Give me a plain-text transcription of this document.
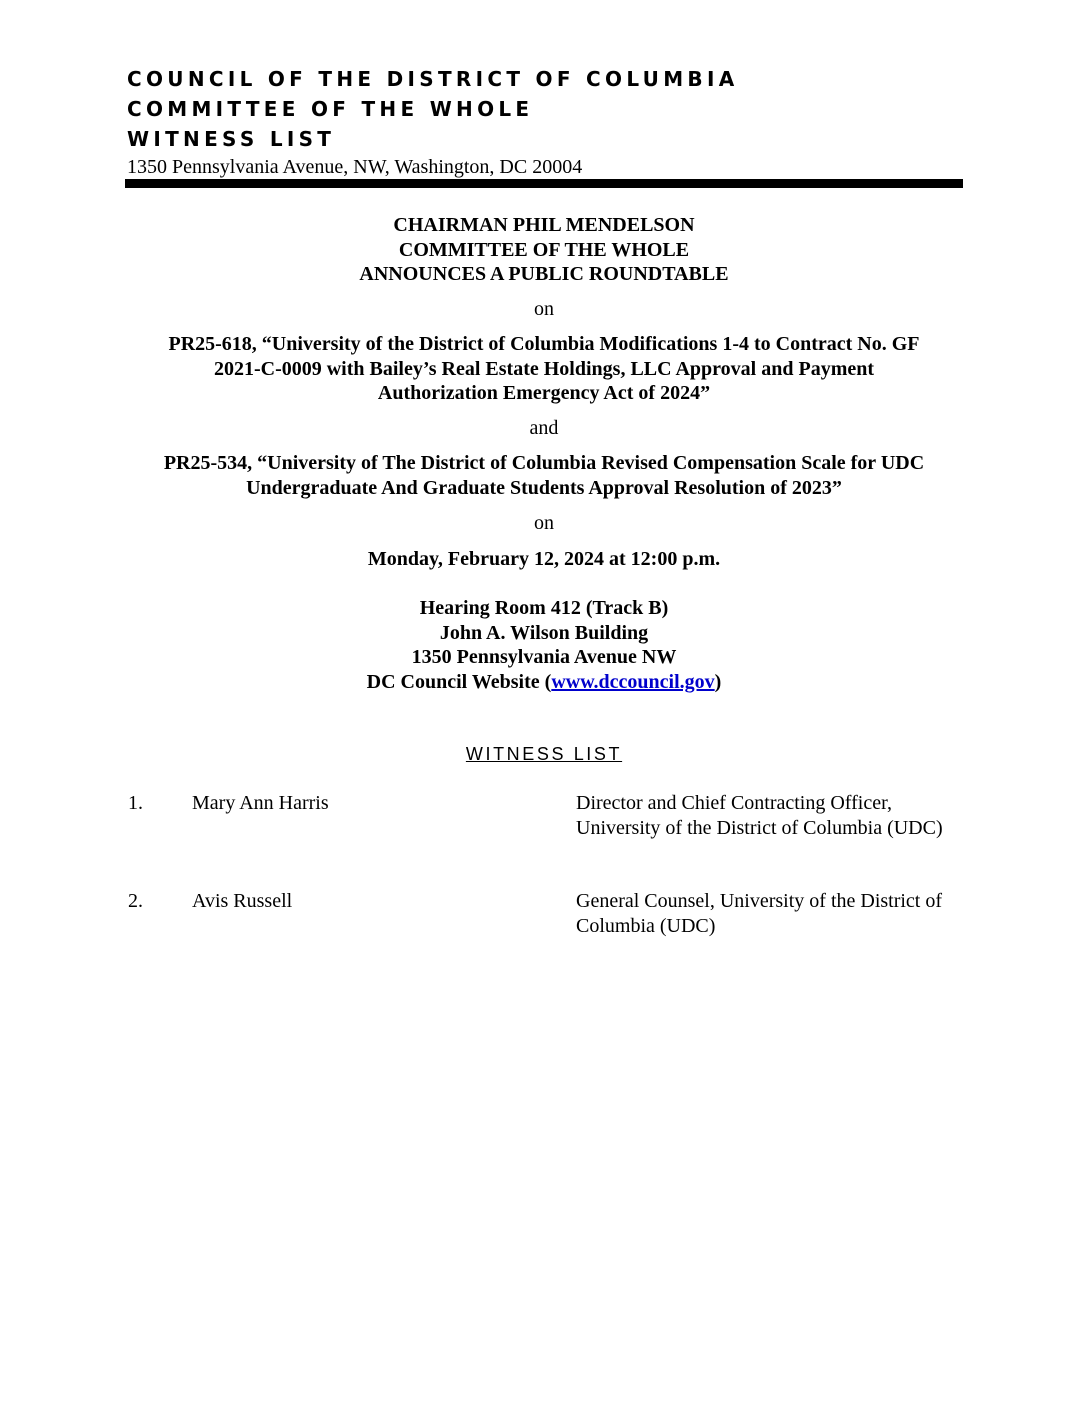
COUNCIL OF THE DISTRICT OF COLUMBIA
COMMITTEE OF THE WHOLE
WITNESS LIST
1350 Pennsylvania Avenue, NW, Washington, DC 20004
CHAIRMAN PHIL MENDELSON
COMMITTEE OF THE WHOLE
ANNOUNCES A PUBLIC ROUNDTABLE
on
PR25-618, “University of the District of Columbia Modifications 1-4 to Contract No. GF
2021-C-0009 with Bailey’s Real Estate Holdings, LLC Approval and Payment
Authorization Emergency Act of 2024”
and
PR25-534, “University of The District of Columbia Revised Compensation Scale for UDC
Undergraduate And Graduate Students Approval Resolution of 2023”
on
Monday, February 12, 2024 at 12:00 p.m.
Hearing Room 412 (Track B)
John A. Wilson Building
1350 Pennsylvania Avenue NW
DC Council Website (www.dccouncil.gov)
WITNESS LIST
1. Mary Ann Harris	Director and Chief Contracting Officer, University of the District of Columbia (UDC)
2. Avis Russell	General Counsel, University of the District of Columbia (UDC)
